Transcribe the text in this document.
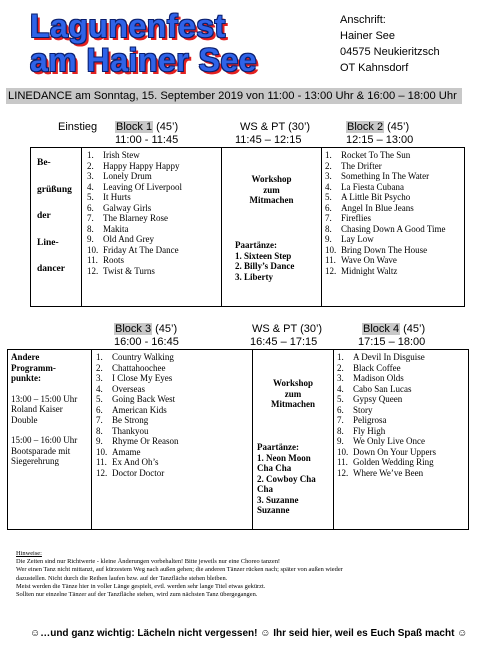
Lagunenfest
am Hainer See
Anschrift:
Hainer See
04575 Neukieritzsch
OT Kahnsdorf
LINEDANCE am Sonntag, 15. September 2019 von 11:00 - 13:00 Uhr & 16:00 – 18:00 Uhr
Einstieg Block 1 (45’)
11:00 - 11:45
WS & PT (30’)
11:45 – 12:15
Block 2 (45’)
12:15 – 13:00
Be-
grüßung
der
Line-
dancer
1. Irish Stew
2. Happy Happy Happy
3. Lonely Drum
4. Leaving Of Liverpool
5. It Hurts
6. Galway Girls
7. The Blarney Rose
8. Makita
9. Old And Grey
10. Friday At The Dance
11. Roots
12. Twist & Turns
Workshop
zum
Mitmachen
Paartänze:
1. Sixteen Step
2. Billy’s Dance
3. Liberty
1. Rocket To The Sun
2. The Drifter
3. Something In The Water
4. La Fiesta Cubana
5. A Little Bit Psycho
6. Angel In Blue Jeans
7. Fireflies
8. Chasing Down A Good Time
9. Lay Low
10. Bring Down The House
11. Wave On Wave
12. Midnight Waltz
Block 3 (45’)
16:00 - 16:45
WS & PT (30’)
16:45 – 17:15
Block 4 (45’)
17:15 – 18:00
Andere
Programm-
punkte:
13:00 – 15:00 Uhr
Roland Kaiser
Double
15:00 – 16:00 Uhr
Bootsparade mit
Siegerehrung
1. Country Walking
2. Chattahoochee
3. I Close My Eyes
4. Overseas
5. Going Back West
6. American Kids
7. Be Strong
8. Thankyou
9. Rhyme Or Reason
10. Amame
11. Ex And Oh’s
12. Doctor Doctor
Workshop
zum
Mitmachen
Paartänze:
1. Neon Moon
Cha Cha
2. Cowboy Cha
Cha
3. Suzanne
Suzanne
1. A Devil In Disguise
2. Black Coffee
3. Madison Olds
4. Cabo San Lucas
5. Gypsy Queen
6. Story
7. Peligrosa
8. Fly High
9. We Only Live Once
10. Down On Your Uppers
11. Golden Wedding Ring
12. Where We’ve Been
Hinweise:
Die Zeiten sind nur Richtwerte - kleine Änderungen vorbehalten! Bitte jeweils nur eine Choreo tanzen!
Wer einen Tanz nicht mittanzt, auf kürzestem Weg nach außen gehen; die anderen Tänzer rücken nach; später von außen wieder
dazustellen. Nicht durch die Reihen laufen bzw. auf der Tanzfläche stehen bleiben.
Meist werden die Tänze hier in voller Länge gespielt, evtl. werden sehr lange Titel etwas gekürzt.
Sollten nur einzelne Tänzer auf der Tanzfläche stehen, wird zum nächsten Tanz übergegangen.
☺…und ganz wichtig: Lächeln nicht vergessen! ☺ Ihr seid hier, weil es Euch Spaß macht ☺
